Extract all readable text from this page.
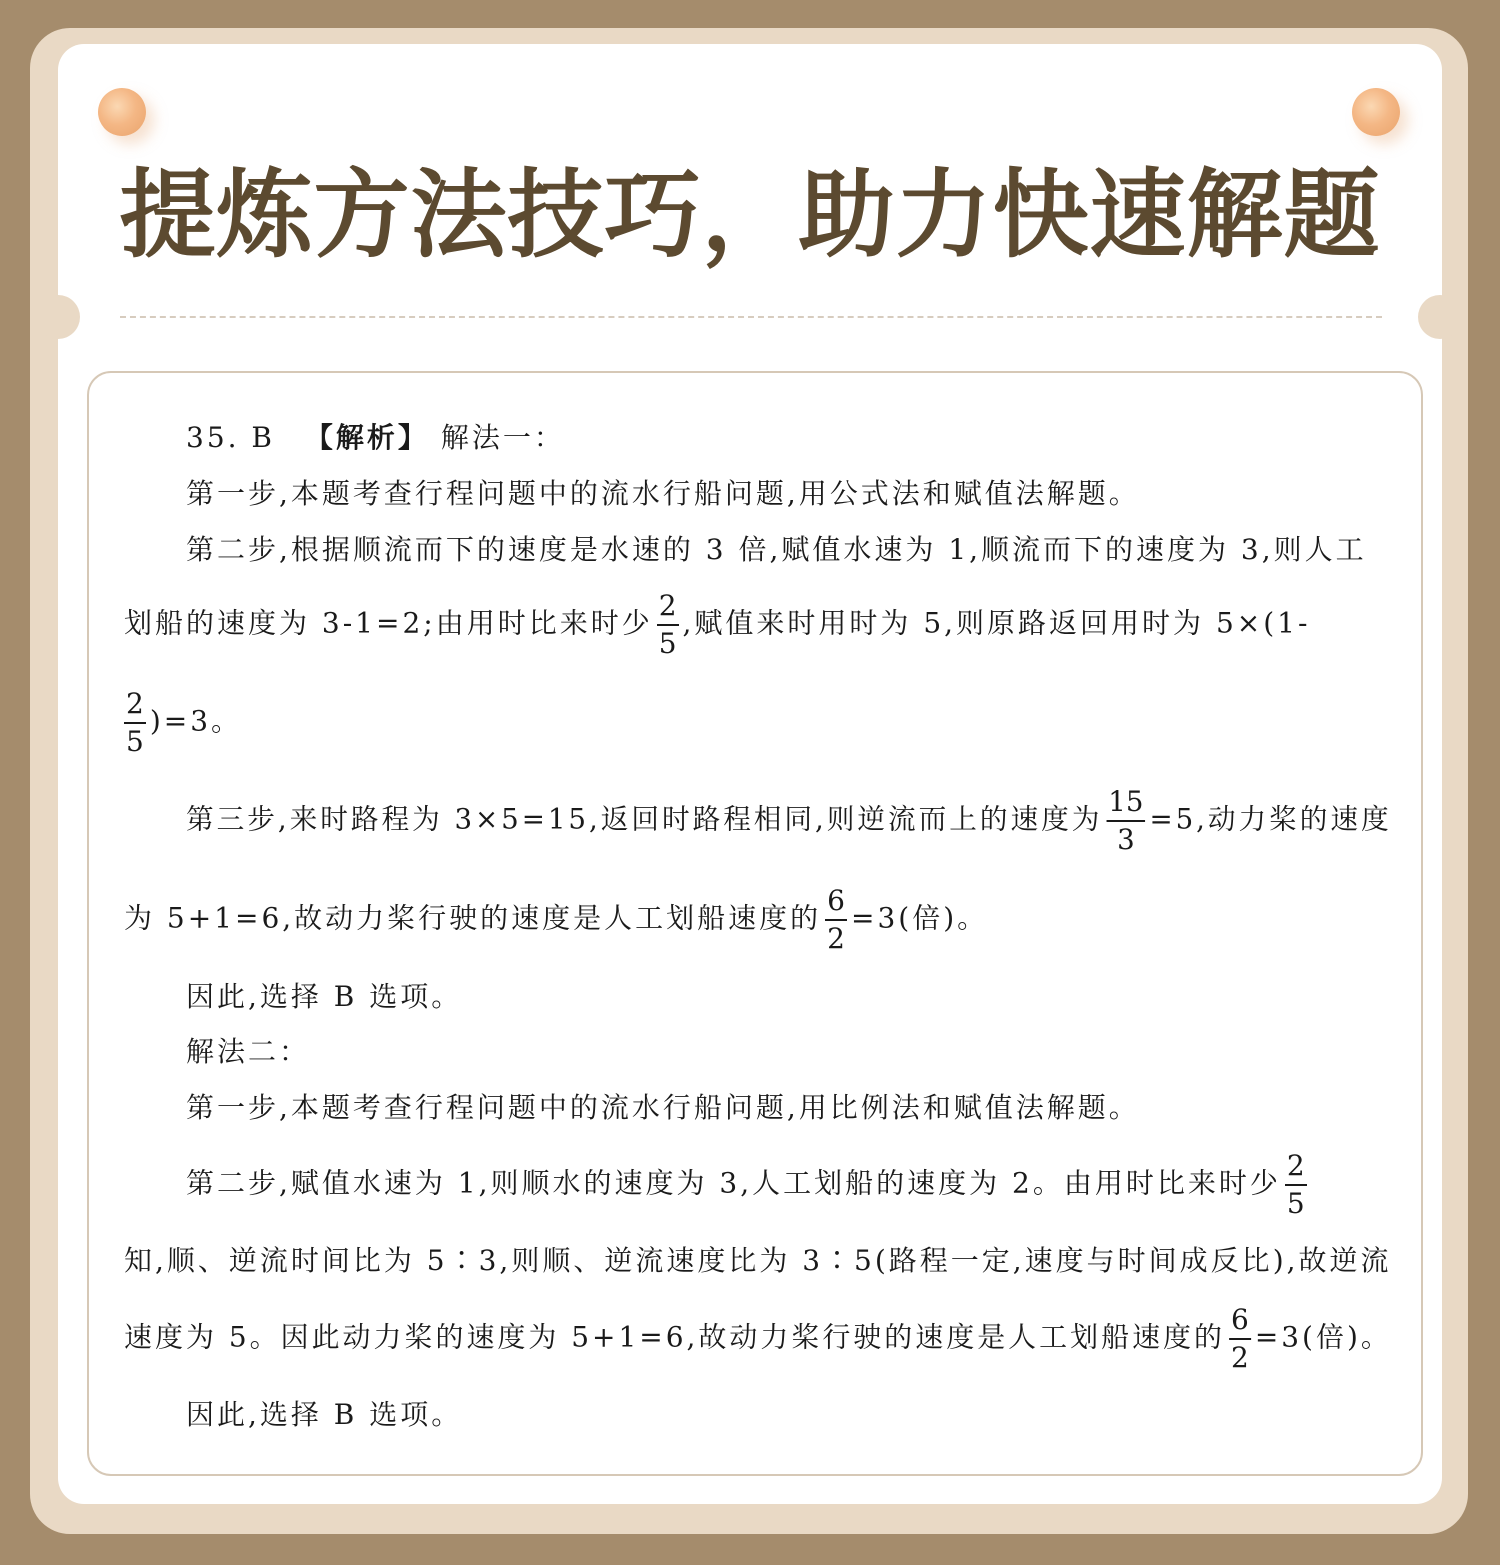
提炼方法技巧，助力快速解题
35. B 【解析】 解法一：
第一步,本题考查行程问题中的流水行船问题,用公式法和赋值法解题。
第二步,根据顺流而下的速度是水速的 3 倍,赋值水速为 1,顺流而下的速度为 3,则人工
划船的速度为 3-1=2;由用时比来时少 $\frac{2}{5}$ ,赋值来时用时为 5,则原路返回用时为 5×(1-
$\frac{2}{5} )=3$。
第三步,来时路程为 3×5=15,返回时路程相同,则逆流而上的速度为 $\frac{15}{3} =5$,动力桨的速度
为 5+1=6,故动力桨行驶的速度是人工划船速度的 $\frac{6}{2} =3$(倍)。
因此,选择 B 选项。
解法二：
第一步,本题考查行程问题中的流水行船问题,用比例法和赋值法解题。
第二步,赋值水速为 1,则顺水的速度为 3,人工划船的速度为 2。由用时比来时少 $\frac{2}{5}$
知,顺、逆流时间比为 5∶3,则顺、逆流速度比为 3∶5(路程一定,速度与时间成反比),故逆流
速度为 5。因此动力桨的速度为 5+1=6,故动力桨行驶的速度是人工划船速度的 $\frac{6}{2} =3$(倍)。
因此,选择 B 选项。
